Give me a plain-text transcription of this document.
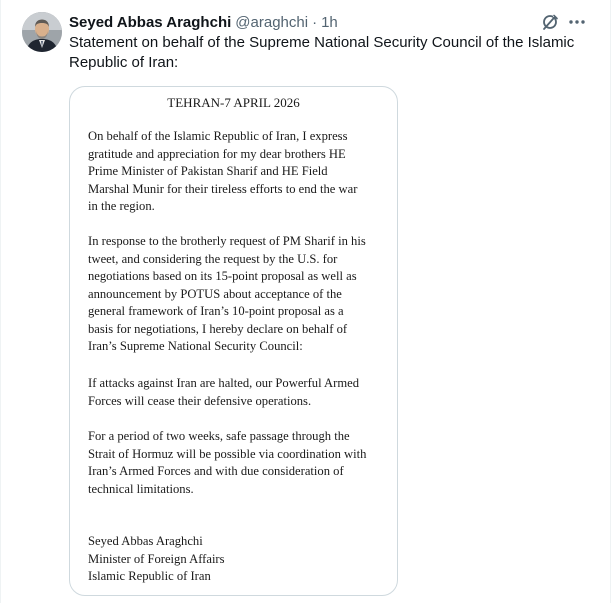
Seyed Abbas Araghchi @araghchi · 1h
Statement on behalf of the Supreme National Security Council of the Islamic Republic of Iran:
TEHRAN-7 APRIL 2026

On behalf of the Islamic Republic of Iran, I express
gratitude and appreciation for my dear brothers HE
Prime Minister of Pakistan Sharif and HE Field
Marshal Munir for their tireless efforts to end the war
in the region.

In response to the brotherly request of PM Sharif in his
tweet, and considering the request by the U.S. for
negotiations based on its 15-point proposal as well as
announcement by POTUS about acceptance of the
general framework of Iran’s 10-point proposal as a
basis for negotiations, I hereby declare on behalf of
Iran’s Supreme National Security Council:

If attacks against Iran are halted, our Powerful Armed
Forces will cease their defensive operations.

For a period of two weeks, safe passage through the
Strait of Hormuz will be possible via coordination with
Iran’s Armed Forces and with due consideration of
technical limitations.

Seyed Abbas Araghchi
Minister of Foreign Affairs
Islamic Republic of Iran
